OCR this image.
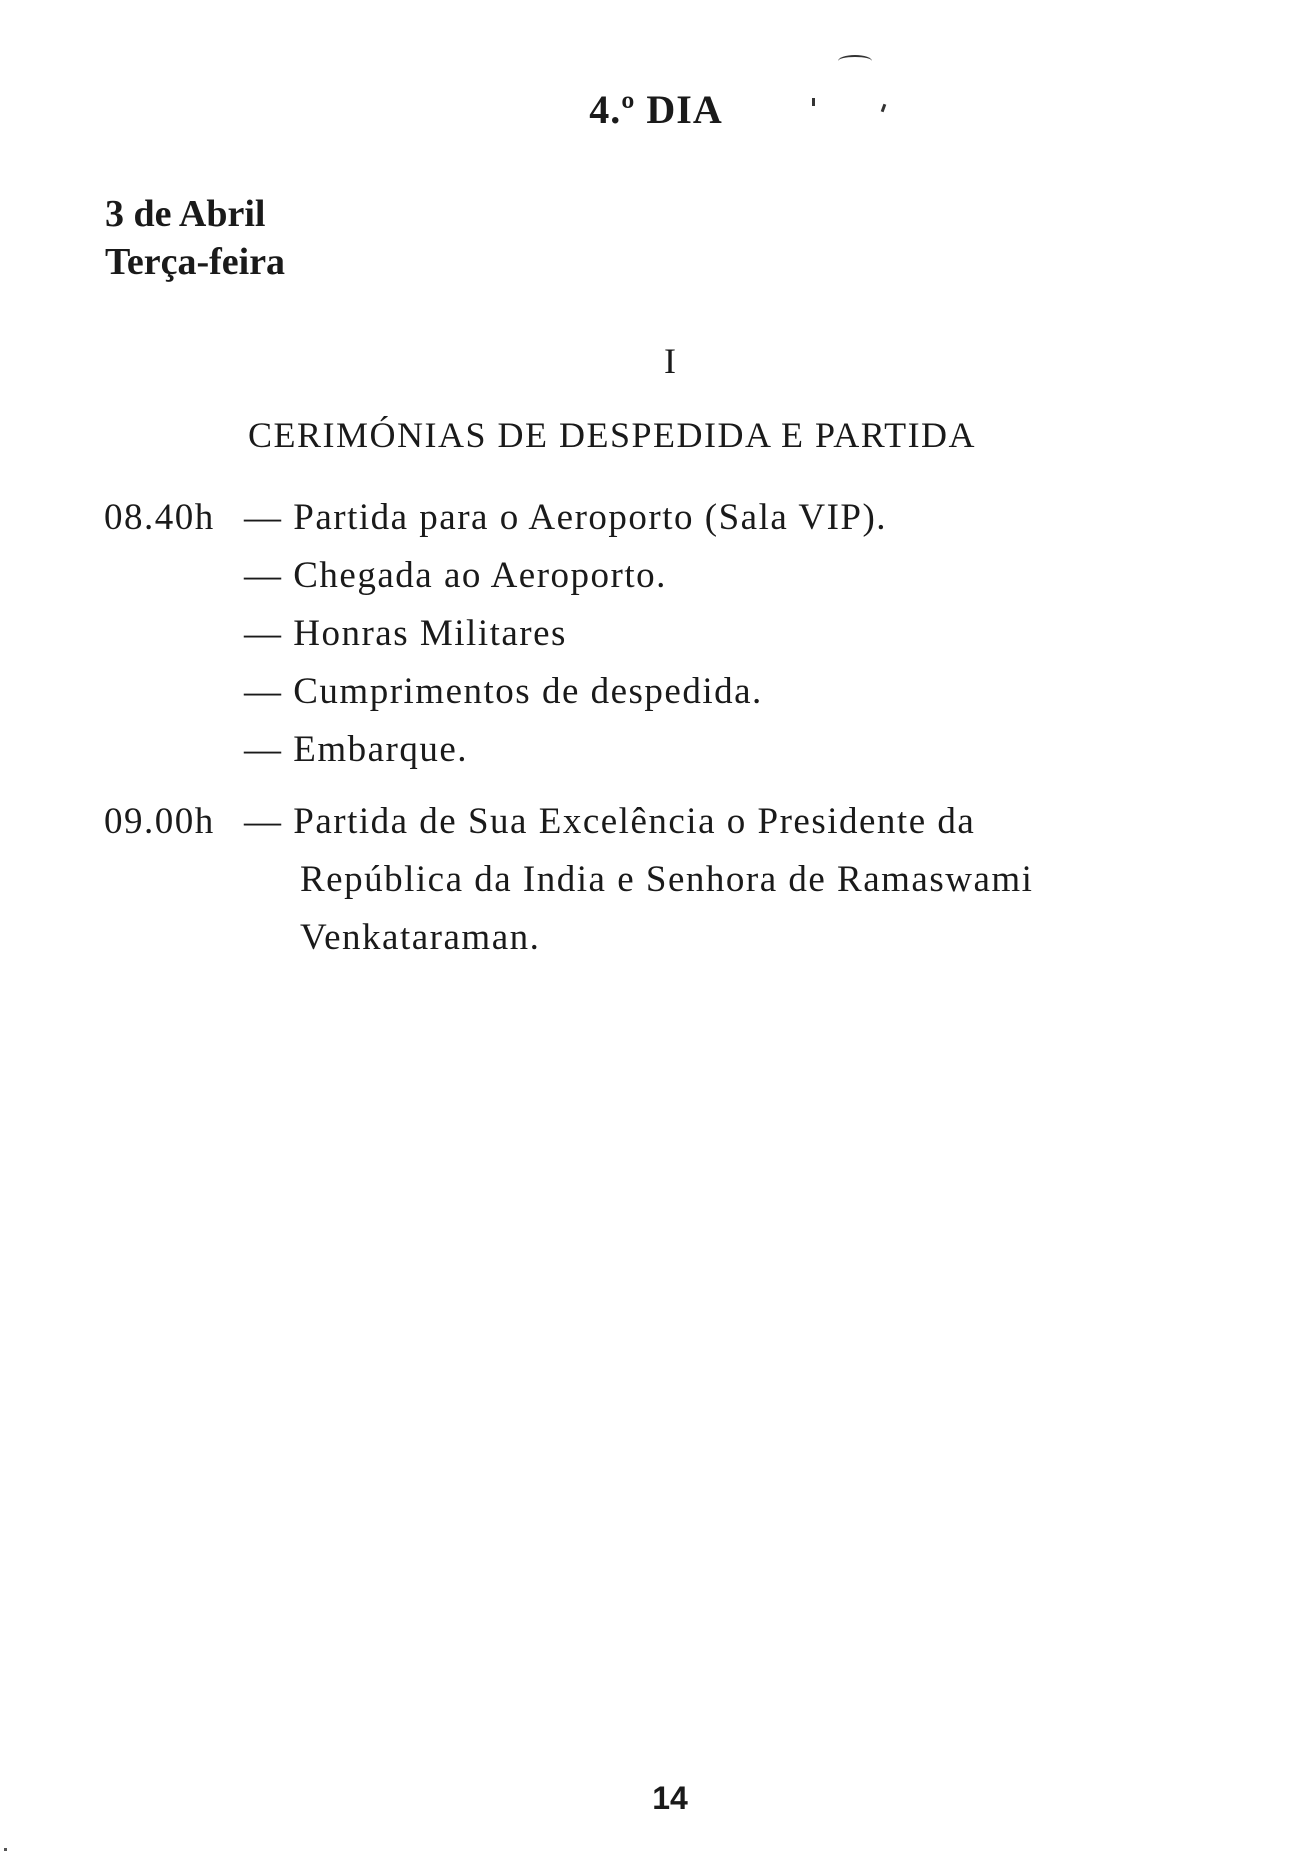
4.º DIA
3 de Abril
Terça-feira
I
CERIMÓNIAS DE DESPEDIDA E PARTIDA
08.40h — Partida para o Aeroporto (Sala VIP).
— Chegada ao Aeroporto.
— Honras Militares
— Cumprimentos de despedida.
— Embarque.
09.00h — Partida de Sua Excelência o Presidente da
República da India e Senhora de Ramaswami
Venkataraman.
14
